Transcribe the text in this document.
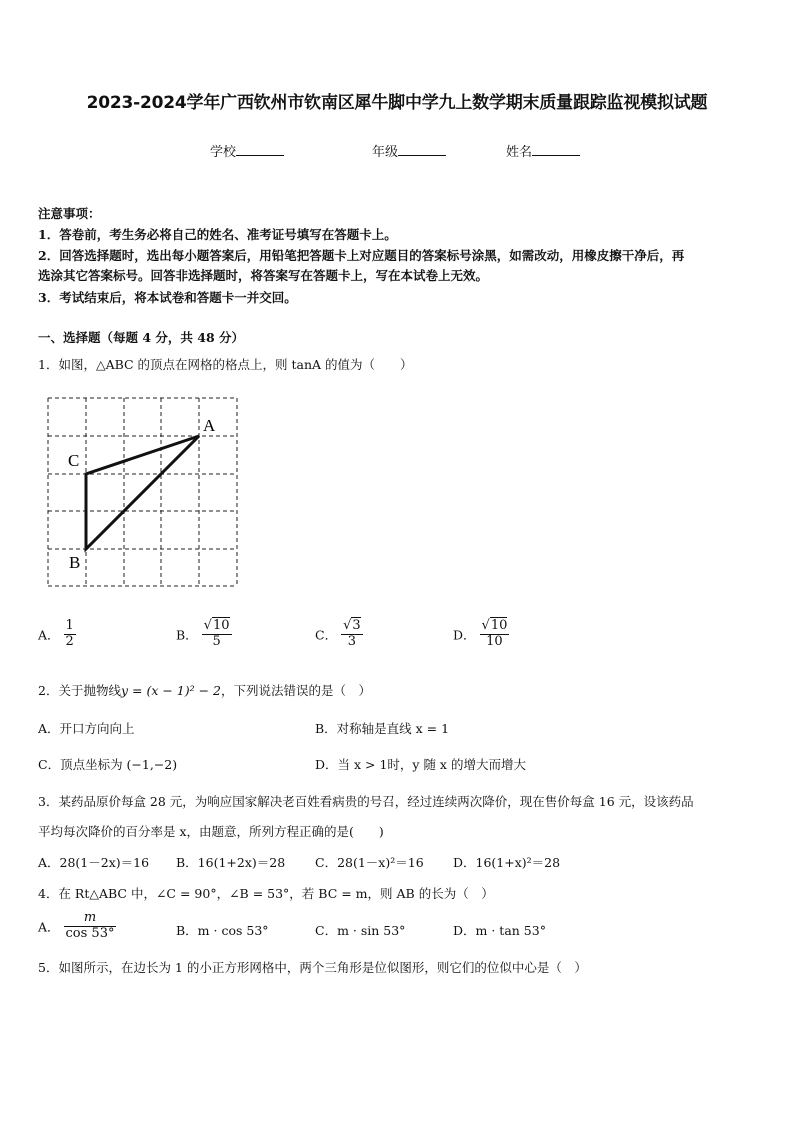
2023-2024学年广西钦州市钦南区犀牛脚中学九上数学期末质量跟踪监视模拟试题
学校	年级	姓名
注意事项：
1．答卷前，考生务必将自己的姓名、准考证号填写在答题卡上。
2．回答选择题时，选出每小题答案后，用铅笔把答题卡上对应题目的答案标号涂黑，如需改动，用橡皮擦干净后，再
选涂其它答案标号。回答非选择题时，将答案写在答题卡上，写在本试卷上无效。
3．考试结束后，将本试卷和答题卡一并交回。
一、选择题（每题 4 分，共 48 分）
1．如图，△ABC 的顶点在网格的格点上，则 tanA 的值为（　　）
A
C
B
A． $\frac{1}{2}$	B． $\frac{√10}{5}$	C． $\frac{√3}{3}$	D． $\frac{√10}{10}$
2．关于抛物线y = (x − 1)² − 2，下列说法错误的是（　）
A．开口方向向上	B．对称轴是直线 x = 1
C．顶点坐标为 (−1,−2)	D．当 x > 1时，y 随 x 的增大而增大
3．某药品原价每盒 28 元，为响应国家解决老百姓看病贵的号召，经过连续两次降价，现在售价每盒 16 元，设该药品
平均每次降价的百分率是 x，由题意，所列方程正确的是(　　)
A．28(1－2x)＝16 B．16(1+2x)＝28 C．28(1－x)²＝16 D．16(1+x)²＝28
4．在 Rt△ABC 中，∠C = 90°，∠B = 53°，若 BC = m，则 AB 的长为（　）
A． $\frac{m}{\cos 53^\circ}$	B．m · cos 53°	C．m · sin 53°	D．m · tan 53°
5．如图所示，在边长为 1 的小正方形网格中，两个三角形是位似图形，则它们的位似中心是（　）
